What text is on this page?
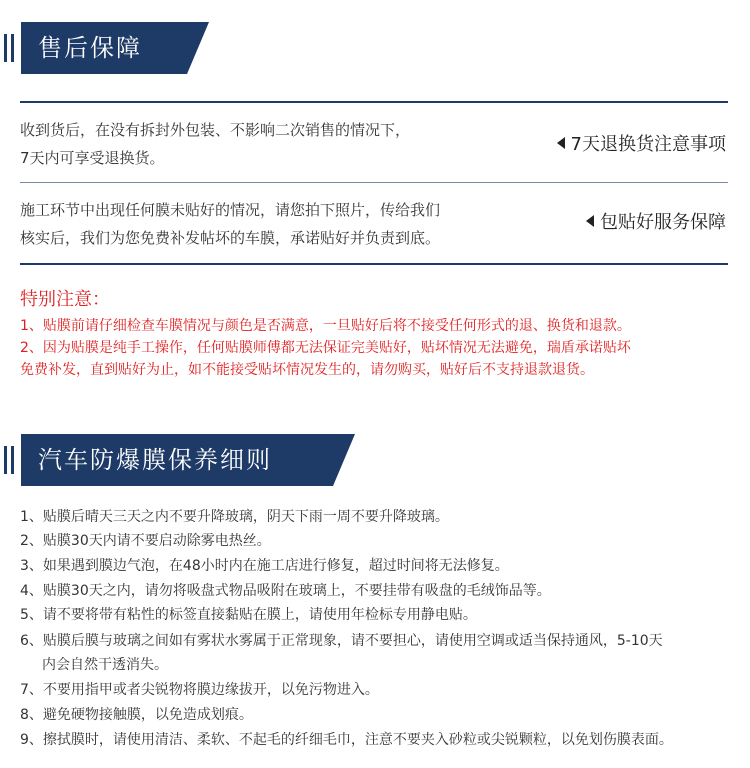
售后保障
收到货后，在没有拆封外包装、不影响二次销售的情况下，
7天内可享受退换货。
7天退换货注意事项
施工环节中出现任何膜未贴好的情况，请您拍下照片，传给我们
核实后，我们为您免费补发帖坏的车膜，承诺贴好并负责到底。
包贴好服务保障
特别注意：
1、贴膜前请仔细检查车膜情况与颜色是否满意，一旦贴好后将不接受任何形式的退、换货和退款。
2、因为贴膜是纯手工操作，任何贴膜师傅都无法保证完美贴好，贴坏情况无法避免，瑞盾承诺贴坏
免费补发，直到贴好为止，如不能接受贴坏情况发生的，请勿购买，贴好后不支持退款退货。
汽车防爆膜保养细则
1、贴膜后晴天三天之内不要升降玻璃，阴天下雨一周不要升降玻璃。
2、贴膜30天内请不要启动除雾电热丝。
3、如果遇到膜边气泡，在48小时内在施工店进行修复，超过时间将无法修复。
4、贴膜30天之内，请勿将吸盘式物品吸附在玻璃上，不要挂带有吸盘的毛绒饰品等。
5、请不要将带有粘性的标签直接黏贴在膜上，请使用年检标专用静电贴。
6、贴膜后膜与玻璃之间如有雾状水雾属于正常现象，请不要担心，请使用空调或适当保持通风，5-10天
内会自然干透消失。
7、不要用指甲或者尖锐物将膜边缘拔开，以免污物进入。
8、避免硬物接触膜，以免造成划痕。
9、擦拭膜时，请使用清洁、柔软、不起毛的纤细毛巾，注意不要夹入砂粒或尖锐颗粒，以免划伤膜表面。
